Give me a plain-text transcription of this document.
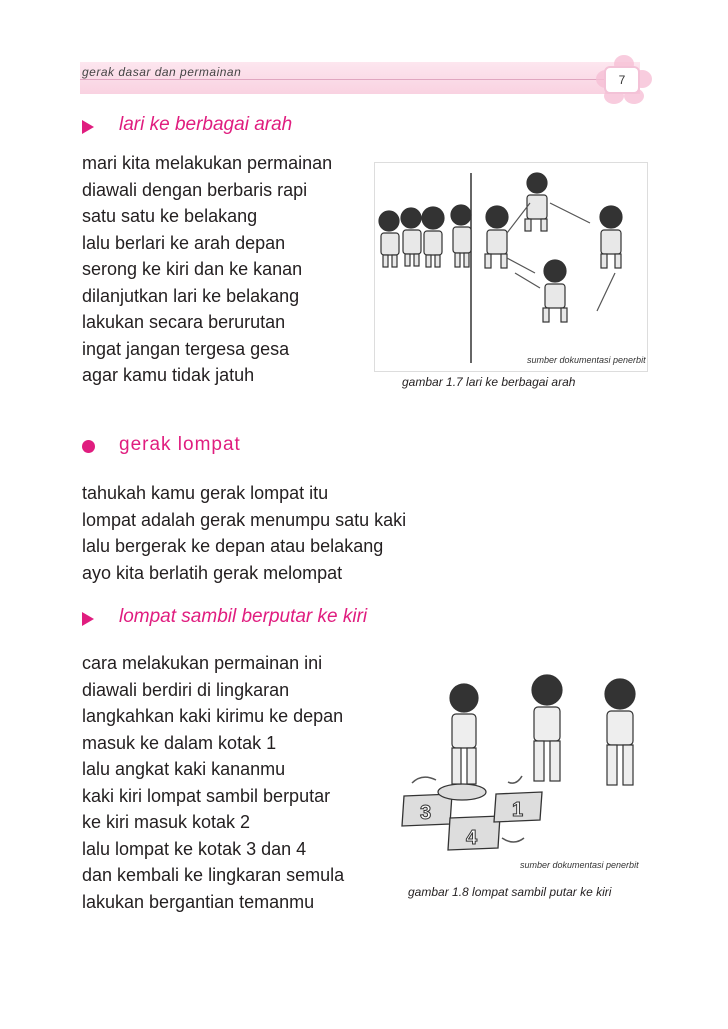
gerak dasar dan permainan
7
lari ke berbagai arah
mari kita melakukan permainan
diawali dengan berbaris rapi
satu satu ke belakang
lalu berlari ke arah depan
serong ke kiri dan ke kanan
dilanjutkan lari ke belakang
lakukan secara berurutan
ingat jangan tergesa gesa
agar kamu tidak jatuh
sumber dokumentasi penerbit
gambar 1.7 lari ke berbagai arah
gerak lompat
tahukah kamu gerak lompat itu
lompat adalah gerak menumpu satu kaki
lalu bergerak ke depan atau belakang
ayo kita berlatih gerak melompat
lompat sambil berputar ke kiri
cara melakukan permainan ini
diawali berdiri di lingkaran
langkahkan kaki kirimu ke depan
masuk ke dalam kotak 1
lalu angkat kaki kananmu
kaki kiri lompat sambil berputar
ke kiri masuk kotak 2
lalu lompat ke kotak 3 dan 4
dan kembali ke lingkaran semula
lakukan bergantian temanmu
3
4
1
sumber dokumentasi penerbit
gambar 1.8 lompat sambil putar ke kiri
